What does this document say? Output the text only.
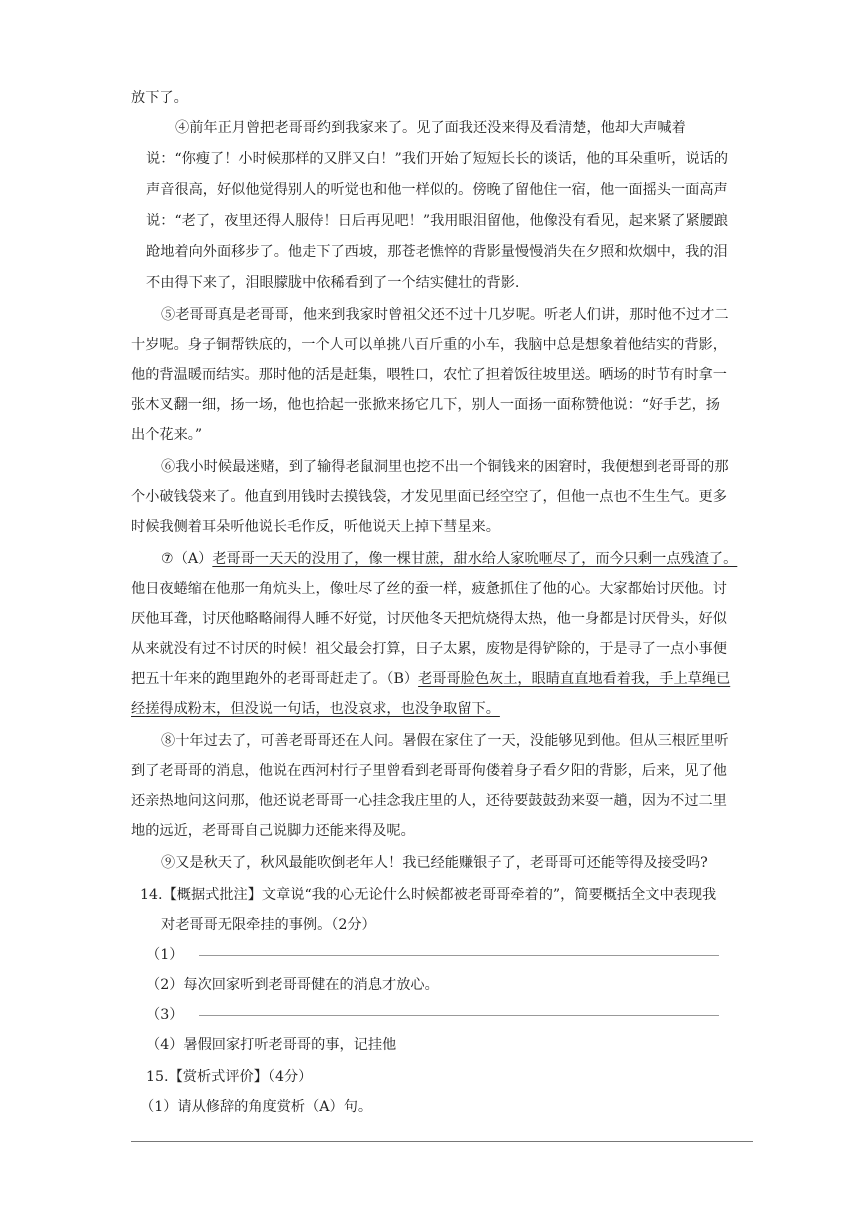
放下了。
④前年正月曾把老哥哥约到我家来了。见了面我还没来得及看清楚，他却大声喊着
说：“你瘦了！小时候那样的又胖又白！”我们开始了短短长长的谈话，他的耳朵重听，说话的
声音很高，好似他觉得别人的听觉也和他一样似的。傍晚了留他住一宿，他一面摇头一面高声
说：“老了，夜里还得人服侍！日后再见吧！”我用眼泪留他，他像没有看见，起来紧了紧腰踉
跄地着向外面移步了。他走下了西坡，那苍老憔悴的背影量慢慢消失在夕照和炊烟中，我的泪
不由得下来了，泪眼朦胧中依稀看到了一个结实健壮的背影.
⑤老哥哥真是老哥哥，他来到我家时曾祖父还不过十几岁呢。听老人们讲，那时他不过才二
十岁呢。身子铜帮铁底的，一个人可以单挑八百斤重的小车，我脑中总是想象着他结实的背影，
他的背温暖而结实。那时他的活是赶集，喂牲口，农忙了担着饭往坡里送。晒场的时节有时拿一
张木叉翻一细，扬一场，他也拾起一张掀来扬它几下，别人一面扬一面称赞他说：“好手艺，扬
出个花来。”
⑥我小时候最迷赌，到了输得老鼠洞里也挖不出一个铜钱来的困窘时，我便想到老哥哥的那
个小破钱袋来了。他直到用钱时去摸钱袋，才发见里面已经空空了，但他一点也不生生气。更多
时候我侧着耳朵听他说长毛作反，听他说天上掉下彗星来。
⑦（A）老哥哥一天天的没用了，像一棵甘蔗，甜水给人家吮咂尽了，而今只剩一点残渣了。
他日夜蜷缩在他那一角炕头上，像吐尽了丝的蚕一样，疲惫抓住了他的心。大家都始讨厌他。讨
厌他耳聋，讨厌他略略闹得人睡不好觉，讨厌他冬天把炕烧得太热，他一身都是讨厌骨头，好似
从来就没有过不讨厌的时候！祖父最会打算，日子太累，废物是得铲除的，于是寻了一点小事便
把五十年来的跑里跑外的老哥哥赶走了。（B）老哥哥脸色灰土，眼睛直直地看着我，手上草绳已
经搓得成粉末，但没说一句话，也没哀求，也没争取留下。
⑧十年过去了，可善老哥哥还在人问。暑假在家住了一天，没能够见到他。但从三根匠里听
到了老哥哥的消息，他说在西河村行子里曾看到老哥哥佝偻着身子看夕阳的背影，后来，见了他
还亲热地问这问那，他还说老哥哥一心挂念我庄里的人，还待要鼓鼓劲来耍一趟，因为不过二里
地的远近，老哥哥自己说脚力还能来得及呢。
⑨又是秋天了，秋风最能吹倒老年人！我已经能赚银子了，老哥哥可还能等得及接受吗?
14.【概据式批注】文章说“我的心无论什么时候都被老哥哥牵着的”，简要概括全文中表现我
对老哥哥无限牵挂的事例。（2分）
（1）
（2）每次回家听到老哥哥健在的消息才放心。
（3）
（4）暑假回家打听老哥哥的事，记挂他
15.【赏析式评价】（4分）
（1）请从修辞的角度赏析（A）句。
